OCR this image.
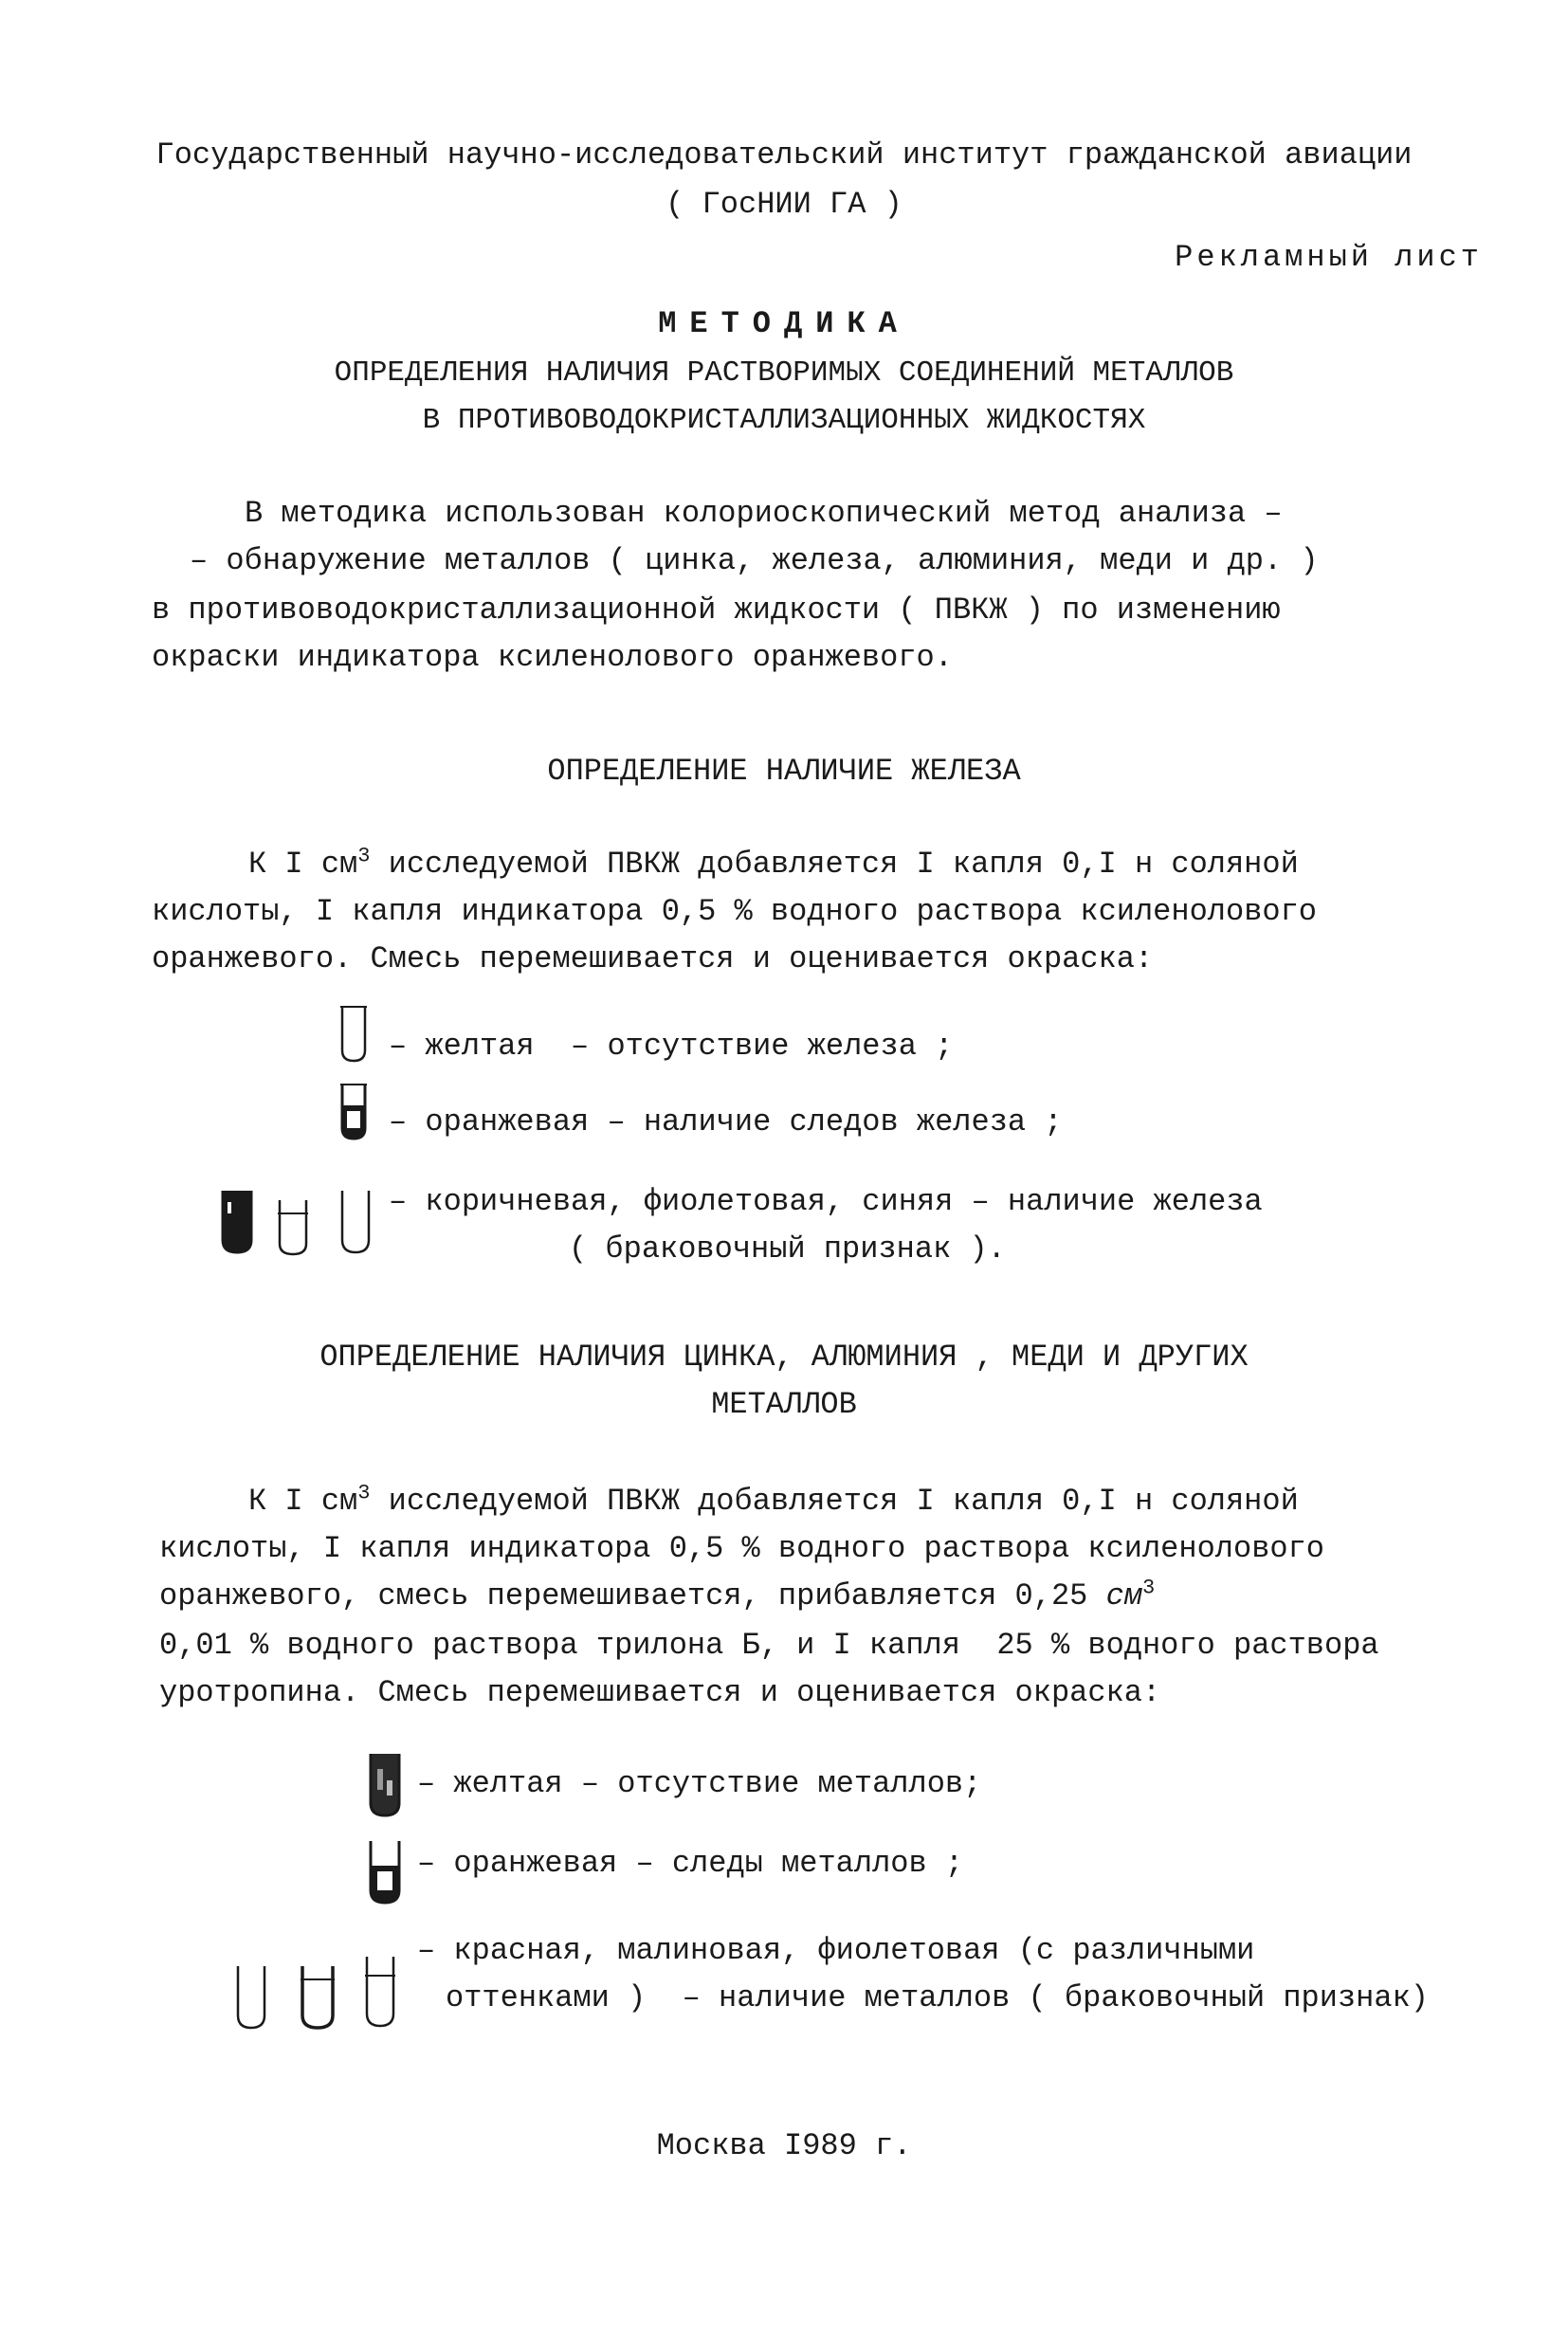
Государственный научно-исследовательский институт гражданской авиации
( ГосНИИ ГА )
Рекламный лист
МЕТОДИКА
ОПРЕДЕЛЕНИЯ НАЛИЧИЯ РАСТВОРИМЫХ СОЕДИНЕНИЙ МЕТАЛЛОВ
В ПРОТИВОВОДОКРИСТАЛЛИЗАЦИОННЫХ ЖИДКОСТЯХ
В методика использован колориоскопический метод анализа –
– обнаружение металлов ( цинка, железа, алюминия, меди и др. )
в противоводокристаллизационной жидкости ( ПВКЖ ) по изменению
окраски индикатора ксиленолового оранжевого.
ОПРЕДЕЛЕНИЕ НАЛИЧИЕ ЖЕЛЕЗА
К I $см^3$ исследуемой ПВКЖ добавляется I капля 0,I н соляной
кислоты, I капля индикатора 0,5 % водного раствора ксиленолового
оранжевого. Смесь перемешивается и оценивается окраска:
– желтая  – отсутствие железа ;
– оранжевая – наличие следов железа ;
– коричневая, фиолетовая, синяя – наличие железа
( браковочный признак ).
ОПРЕДЕЛЕНИЕ НАЛИЧИЯ ЦИНКА, АЛЮМИНИЯ , МЕДИ И ДРУГИХ
МЕТАЛЛОВ
К I $см^3$ исследуемой ПВКЖ добавляется I капля 0,I н соляной
кислоты, I капля индикатора 0,5 % водного раствора ксиленолового
оранжевого, смесь перемешивается, прибавляется 0,25 $см^3$
0,01 % водного раствора трилона Б, и I капля  25 % водного раствора
уротропина. Смесь перемешивается и оценивается окраска:
– желтая – отсутствие металлов;
– оранжевая – следы металлов ;
– красная, малиновая, фиолетовая (с различными
оттенками )  – наличие металлов ( браковочный признак)
Москва I989 г.
